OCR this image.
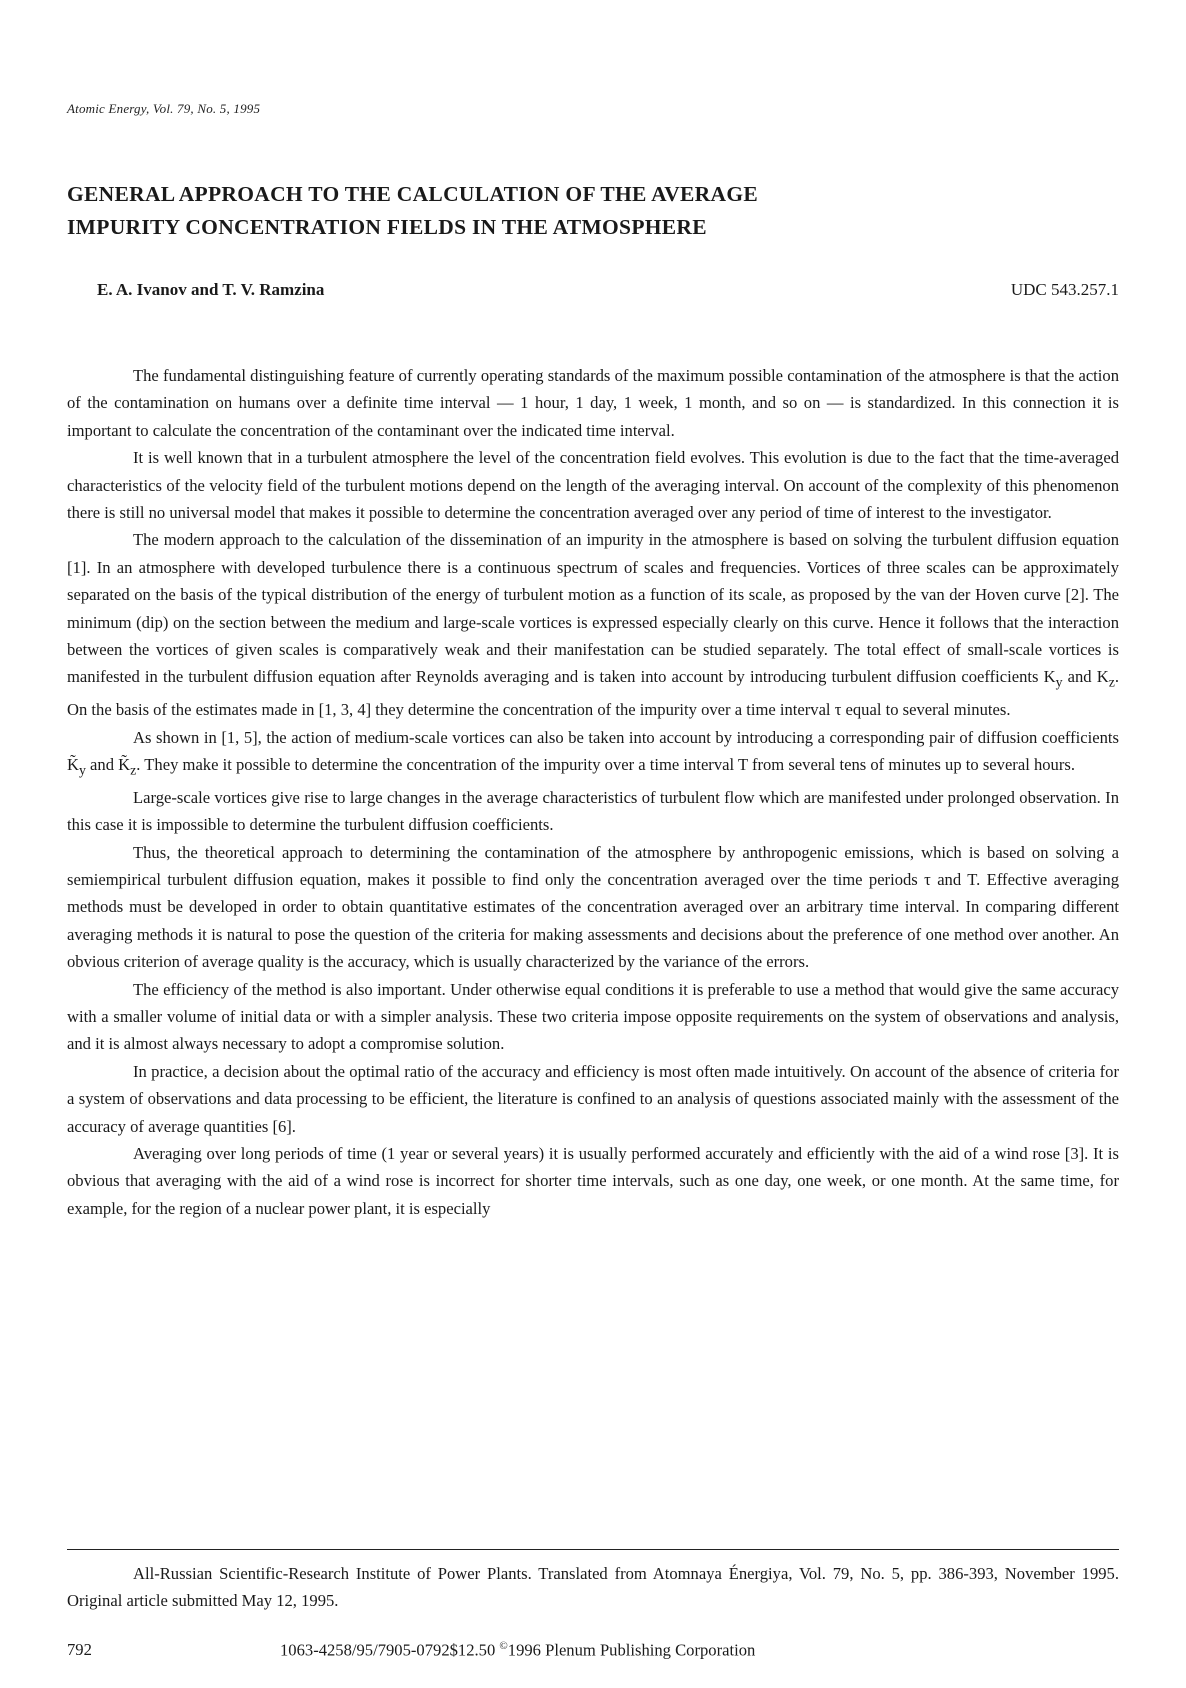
Atomic Energy, Vol. 79, No. 5, 1995
GENERAL APPROACH TO THE CALCULATION OF THE AVERAGE
IMPURITY CONCENTRATION FIELDS IN THE ATMOSPHERE
E. A. Ivanov and T. V. Ramzina	UDC 543.257.1

The fundamental distinguishing feature of currently operating standards of the maximum possible contamination of the atmosphere is that the action of the contamination on humans over a definite time interval — 1 hour, 1 day, 1 week, 1 month, and so on — is standardized. In this connection it is important to calculate the concentration of the contaminant over the indicated time interval.

It is well known that in a turbulent atmosphere the level of the concentration field evolves. This evolution is due to the fact that the time-averaged characteristics of the velocity field of the turbulent motions depend on the length of the averaging interval. On account of the complexity of this phenomenon there is still no universal model that makes it possible to determine the concentration averaged over any period of time of interest to the investigator.

The modern approach to the calculation of the dissemination of an impurity in the atmosphere is based on solving the turbulent diffusion equation [1]. In an atmosphere with developed turbulence there is a continuous spectrum of scales and frequencies. Vortices of three scales can be approximately separated on the basis of the typical distribution of the energy of turbulent motion as a function of its scale, as proposed by the van der Hoven curve [2]. The minimum (dip) on the section between the medium and large-scale vortices is expressed especially clearly on this curve. Hence it follows that the interaction between the vortices of given scales is comparatively weak and their manifestation can be studied separately. The total effect of small-scale vortices is manifested in the turbulent diffusion equation after Reynolds averaging and is taken into account by introducing turbulent diffusion coefficients $K_y$ and $K_z$. On the basis of the estimates made in [1, 3, 4] they determine the concentration of the impurity over a time interval τ equal to several minutes.

As shown in [1, 5], the action of medium-scale vortices can also be taken into account by introducing a corresponding pair of diffusion coefficients $K̃_y$ and $K̃_z$. They make it possible to determine the concentration of the impurity over a time interval T from several tens of minutes up to several hours.

Large-scale vortices give rise to large changes in the average characteristics of turbulent flow which are manifested under prolonged observation. In this case it is impossible to determine the turbulent diffusion coefficients.

Thus, the theoretical approach to determining the contamination of the atmosphere by anthropogenic emissions, which is based on solving a semiempirical turbulent diffusion equation, makes it possible to find only the concentration averaged over the time periods τ and T. Effective averaging methods must be developed in order to obtain quantitative estimates of the concentration averaged over an arbitrary time interval. In comparing different averaging methods it is natural to pose the question of the criteria for making assessments and decisions about the preference of one method over another. An obvious criterion of average quality is the accuracy, which is usually characterized by the variance of the errors.

The efficiency of the method is also important. Under otherwise equal conditions it is preferable to use a method that would give the same accuracy with a smaller volume of initial data or with a simpler analysis. These two criteria impose opposite requirements on the system of observations and analysis, and it is almost always necessary to adopt a compromise solution.

In practice, a decision about the optimal ratio of the accuracy and efficiency is most often made intuitively. On account of the absence of criteria for a system of observations and data processing to be efficient, the literature is confined to an analysis of questions associated mainly with the assessment of the accuracy of average quantities [6].

Averaging over long periods of time (1 year or several years) it is usually performed accurately and efficiently with the aid of a wind rose [3]. It is obvious that averaging with the aid of a wind rose is incorrect for shorter time intervals, such as one day, one week, or one month. At the same time, for example, for the region of a nuclear power plant, it is especially

All-Russian Scientific-Research Institute of Power Plants. Translated from Atomnaya Énergiya, Vol. 79, No. 5, pp. 386-393, November 1995. Original article submitted May 12, 1995.
792	1063-4258/95/7905-0792$12.50 ©1996 Plenum Publishing Corporation
